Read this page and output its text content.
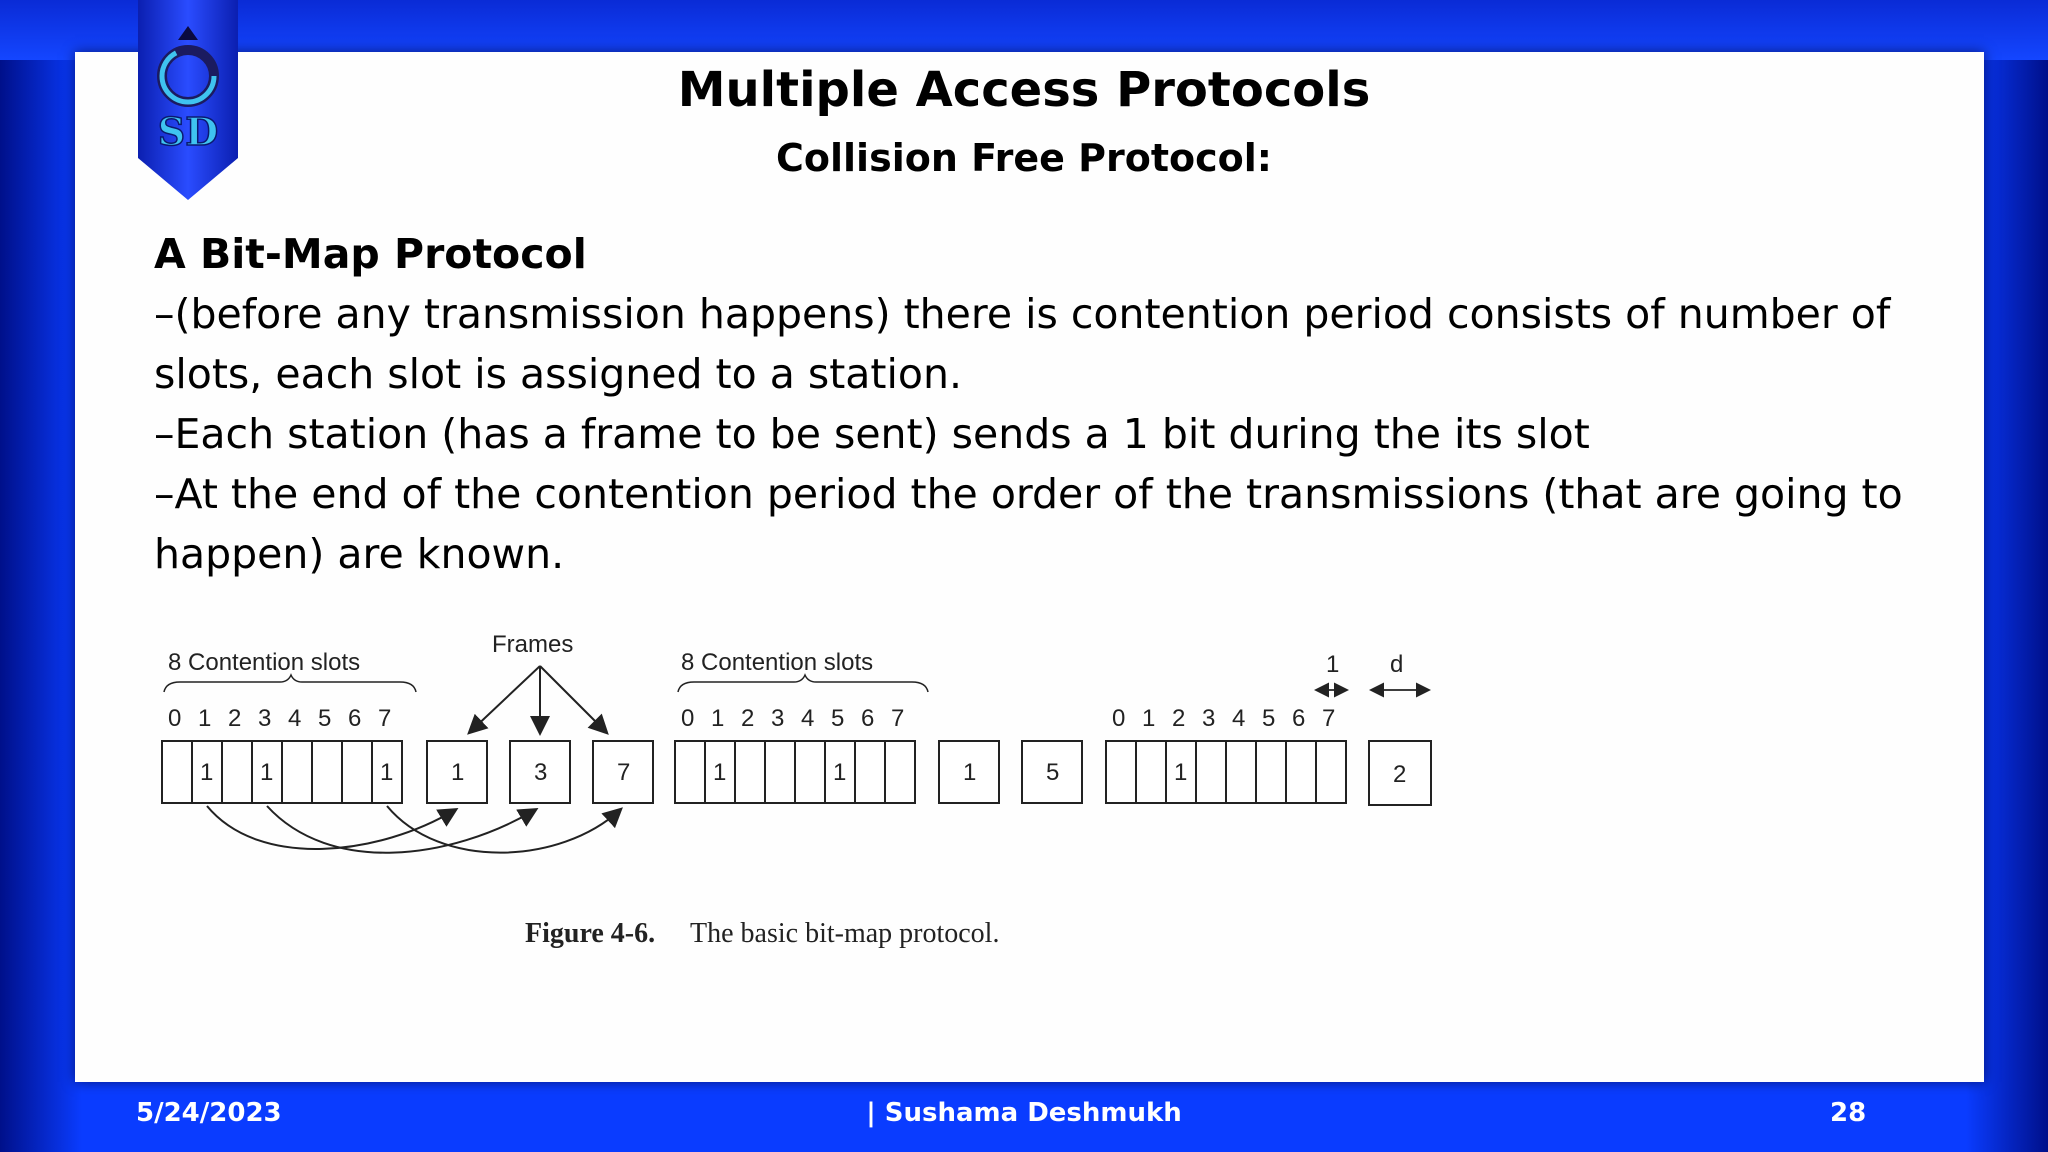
SD
Multiple Access Protocols
Collision Free Protocol:

A Bit-Map Protocol

–(before any transmission happens) there is contention period consists of number of slots, each slot is assigned to a station.

–Each station (has a frame to be sent) sends a 1 bit during the its slot

–At the end of the contention period the order of the transmissions (that are going to happen) are known.

8 Contention slots
Frames
8 Contention slots	1 d
0 1 2 3 4 5 6 7	0 1 2 3 4 5 6 7	0 1 2 3 4 5 6 7
1 1	1 1	3	7	1	1	1	5	1	2
Figure 4-6. The basic bit-map protocol.
5/24/2023	| Sushama Deshmukh	28
